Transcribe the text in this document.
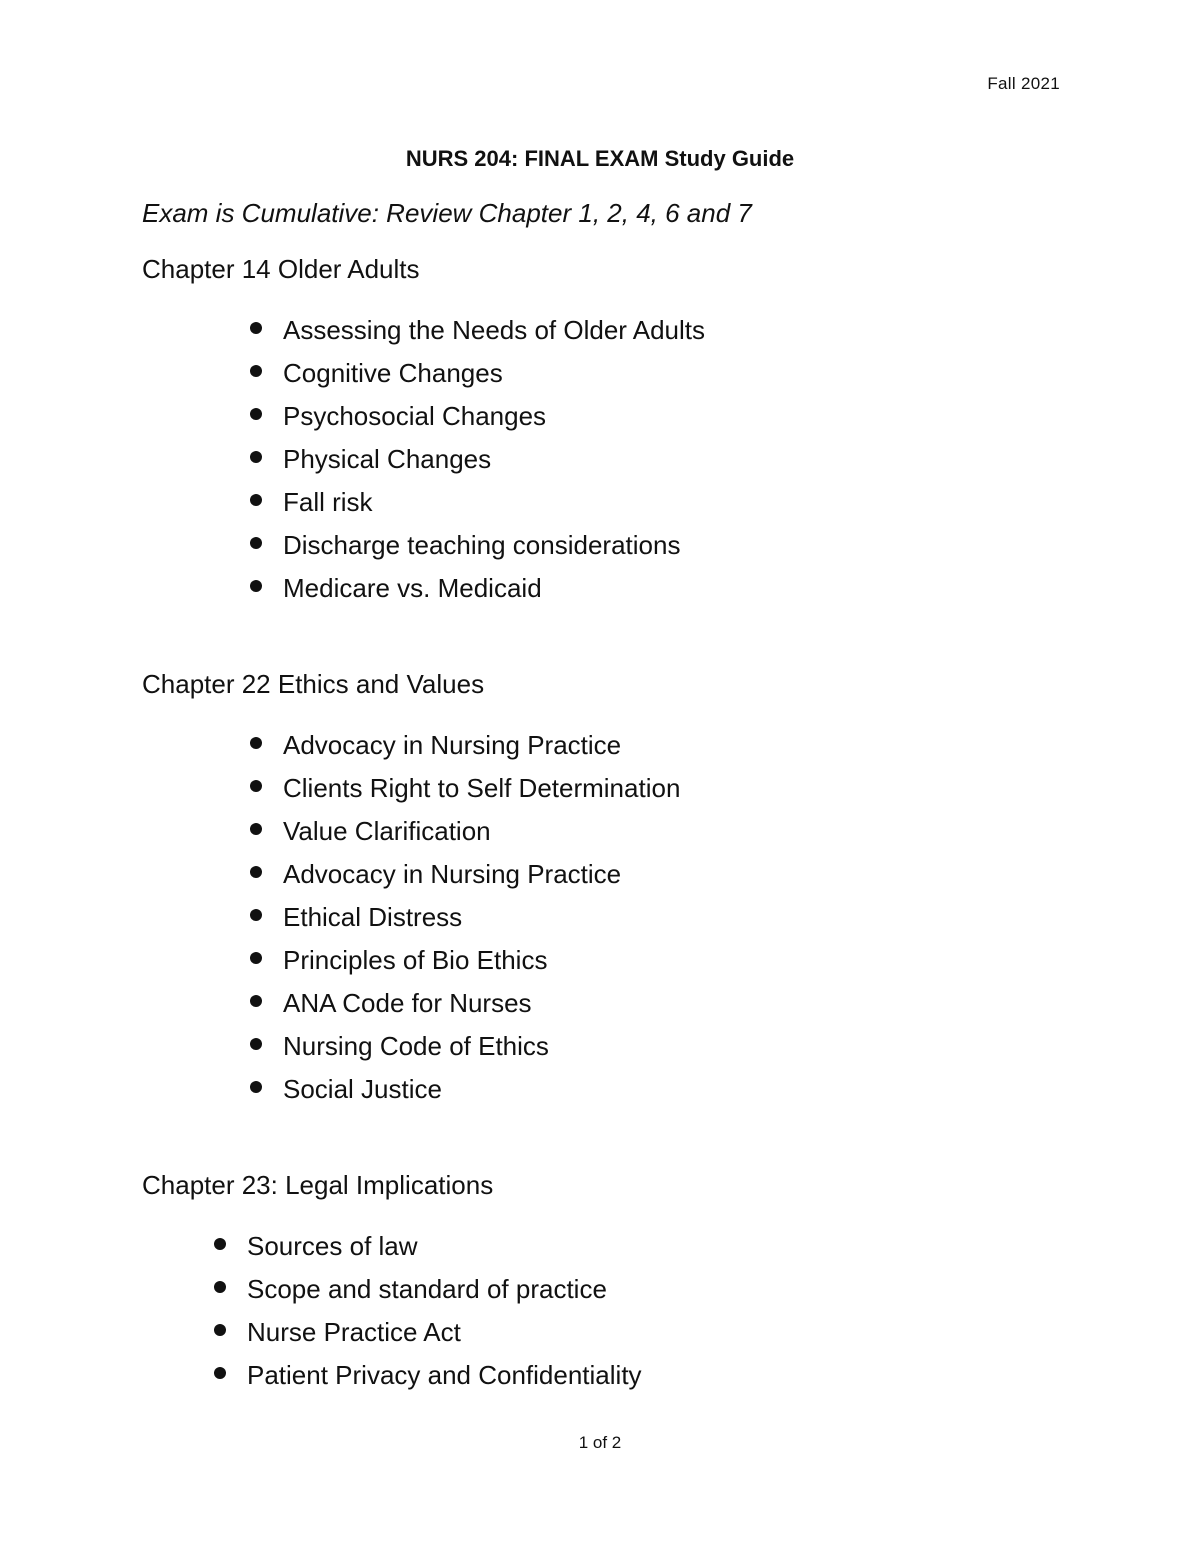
Fall 2021
NURS 204: FINAL EXAM Study Guide
Exam is Cumulative: Review Chapter 1, 2, 4, 6 and 7
Chapter 14 Older Adults
Assessing the Needs of Older Adults
Cognitive Changes
Psychosocial Changes
Physical Changes
Fall risk
Discharge teaching considerations
Medicare vs. Medicaid
Chapter 22 Ethics and Values
Advocacy in Nursing Practice
Clients Right to Self Determination
Value Clarification
Advocacy in Nursing Practice
Ethical Distress
Principles of Bio Ethics
ANA Code for Nurses
Nursing Code of Ethics
Social Justice
Chapter 23: Legal Implications
Sources of law
Scope and standard of practice
Nurse Practice Act
Patient Privacy and Confidentiality
1 of 2
